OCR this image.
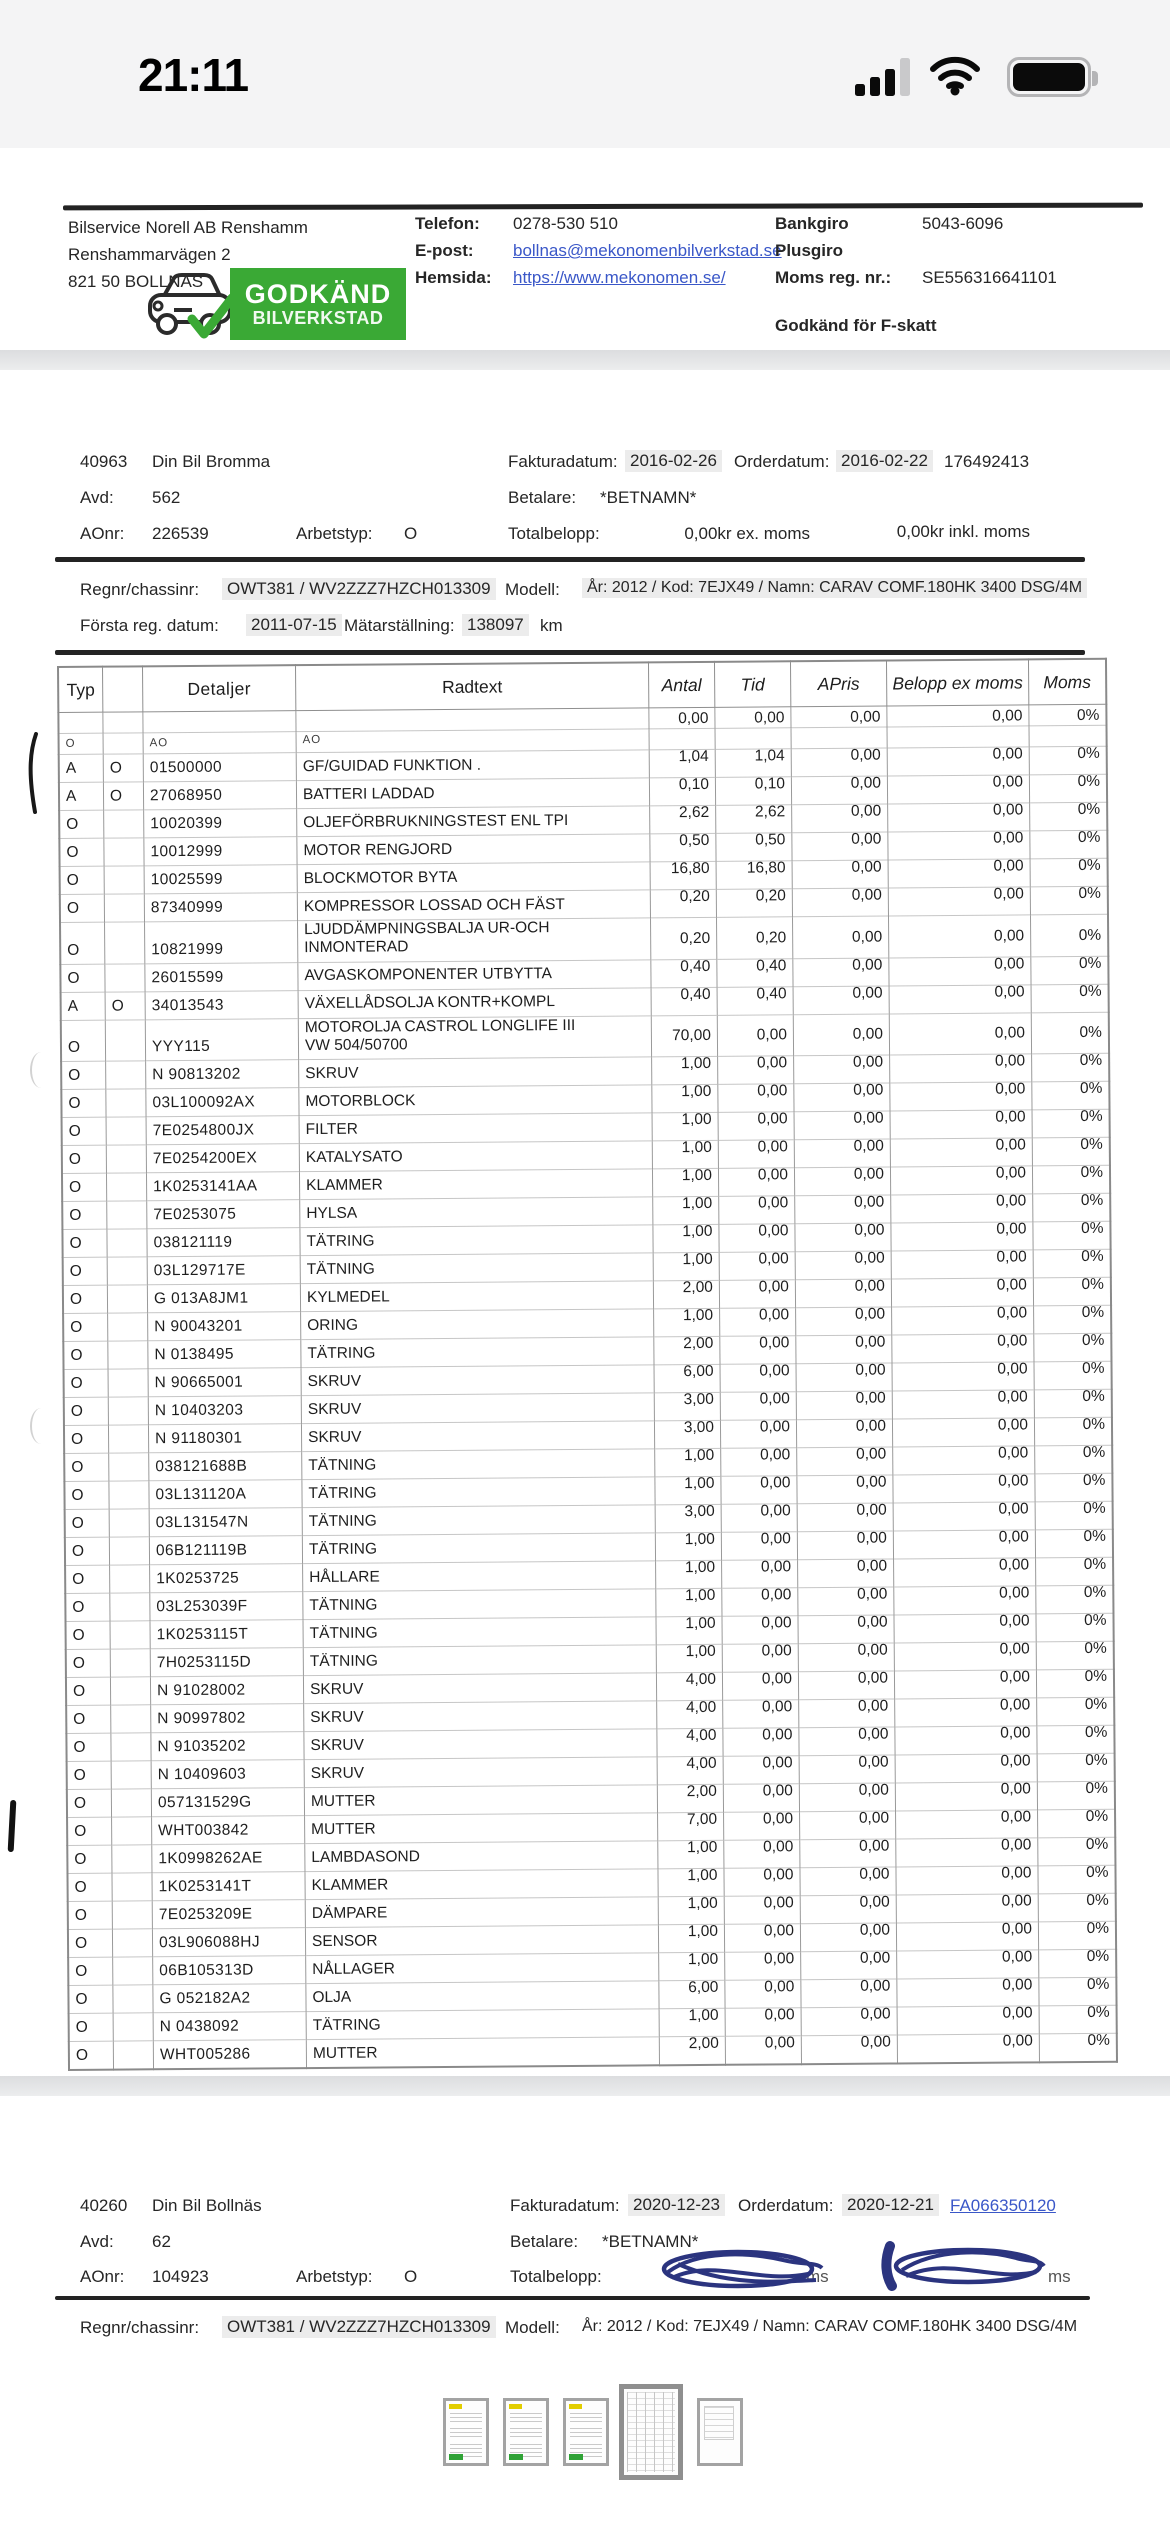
21:11
Bilservice Norell AB Renshamm
Renshammarvägen 2
821 50 BOLLNÄS
Telefon: 0278-530 510
E-post: bollnas@mekonomenbilverkstad.se
Hemsida: https://www.mekonomen.se/
Bankgiro	5043-6096
Plusgiro
Moms reg. nr.: SE556316641101
Godkänd för F-skatt
GODKÄND
BILVERKSTAD
40963 Din Bil Bromma	Fakturadatum: 2016-02-26 Orderdatum: 2016-02-22 176492413
Avd: 562	Betalare: *BETNAMN*
AOnr: 226539	Arbetstyp: O	Totalbelopp:	0,00kr ex. moms	0,00kr inkl. moms
Regnr/chassinr: OWT381 / WV2ZZZ7HZCH013309 Modell:	År: 2012 / Kod: 7EJX49 / Namn: CARAV COMF.180HK 3400 DSG/4M
Första reg. datum: 2011-07-15 Mätarställning: 138097 km
Typ		Detaljer	Radtext	Antal	Tid	APris	Belopp ex moms	Moms
				0,00	0,00	0,00	0,00	0%
O		AO	AO					
A	O	01500000	GF/GUIDAD FUNKTION .	1,04	1,04	0,00	0,00	0%
A	O	27068950	BATTERI LADDAD	0,10	0,10	0,00	0,00	0%
O		10020399	OLJEFÖRBRUKNINGSTEST ENL TPI	2,62	2,62	0,00	0,00	0%
O		10012999	MOTOR RENGJORD	0,50	0,50	0,00	0,00	0%
O		10025599	BLOCKMOTOR BYTA	16,80	16,80	0,00	0,00	0%
O		87340999	KOMPRESSOR LOSSAD OCH FÄST	0,20	0,20	0,00	0,00	0%
O		10821999	LJUDDÄMPNINGSBALJA UR-OCH INMONTERAD	0,20	0,20	0,00	0,00	0%
O		26015599	AVGASKOMPONENTER UTBYTTA	0,40	0,40	0,00	0,00	0%
A	O	34013543	VÄXELLÅDSOLJA KONTR+KOMPL	0,40	0,40	0,00	0,00	0%
O		YYY115	MOTOROLJA CASTROL LONGLIFE III VW 504/50700	70,00	0,00	0,00	0,00	0%
O		N 90813202	SKRUV	1,00	0,00	0,00	0,00	0%
O		03L100092AX	MOTORBLOCK	1,00	0,00	0,00	0,00	0%
O		7E0254800JX	FILTER	1,00	0,00	0,00	0,00	0%
O		7E0254200EX	KATALYSATO	1,00	0,00	0,00	0,00	0%
O		1K0253141AA	KLAMMER	1,00	0,00	0,00	0,00	0%
O		7E0253075	HYLSA	1,00	0,00	0,00	0,00	0%
O		038121119	TÄTRING	1,00	0,00	0,00	0,00	0%
O		03L129717E	TÄTNING	1,00	0,00	0,00	0,00	0%
O		G 013A8JM1	KYLMEDEL	2,00	0,00	0,00	0,00	0%
O		N 90043201	ORING	1,00	0,00	0,00	0,00	0%
O		N 0138495	TÄTRING	2,00	0,00	0,00	0,00	0%
O		N 90665001	SKRUV	6,00	0,00	0,00	0,00	0%
O		N 10403203	SKRUV	3,00	0,00	0,00	0,00	0%
O		N 91180301	SKRUV	3,00	0,00	0,00	0,00	0%
O		038121688B	TÄTNING	1,00	0,00	0,00	0,00	0%
O		03L131120A	TÄTRING	1,00	0,00	0,00	0,00	0%
O		03L131547N	TÄTNING	3,00	0,00	0,00	0,00	0%
O		06B121119B	TÄTRING	1,00	0,00	0,00	0,00	0%
O		1K0253725	HÅLLARE	1,00	0,00	0,00	0,00	0%
O		03L253039F	TÄTNING	1,00	0,00	0,00	0,00	0%
O		1K0253115T	TÄTNING	1,00	0,00	0,00	0,00	0%
O		7H0253115D	TÄTNING	1,00	0,00	0,00	0,00	0%
O		N 91028002	SKRUV	4,00	0,00	0,00	0,00	0%
O		N 90997802	SKRUV	4,00	0,00	0,00	0,00	0%
O		N 91035202	SKRUV	4,00	0,00	0,00	0,00	0%
O		N 10409603	SKRUV	4,00	0,00	0,00	0,00	0%
O		057131529G	MUTTER	2,00	0,00	0,00	0,00	0%
O		WHT003842	MUTTER	7,00	0,00	0,00	0,00	0%
O		1K0998262AE	LAMBDASOND	1,00	0,00	0,00	0,00	0%
O		1K0253141T	KLAMMER	1,00	0,00	0,00	0,00	0%
O		7E0253209E	DÄMPARE	1,00	0,00	0,00	0,00	0%
O		03L906088HJ	SENSOR	1,00	0,00	0,00	0,00	0%
O		06B105313D	NÅLLAGER	1,00	0,00	0,00	0,00	0%
O		G 052182A2	OLJA	6,00	0,00	0,00	0,00	0%
O		N 0438092	TÄTRING	1,00	0,00	0,00	0,00	0%
O		WHT005286	MUTTER	2,00	0,00	0,00	0,00	0%
40260 Din Bil Bollnäs	Fakturadatum: 2020-12-23 Orderdatum: 2020-12-21 FA066350120
Avd: 62	Betalare: *BETNAMN*
AOnr: 104923	Arbetstyp: O	Totalbelopp:	ms	ms
Regnr/chassinr: OWT381 / WV2ZZZ7HZCH013309 Modell: År: 2012 / Kod: 7EJX49 / Namn: CARAV COMF.180HK 3400 DSG/4M
